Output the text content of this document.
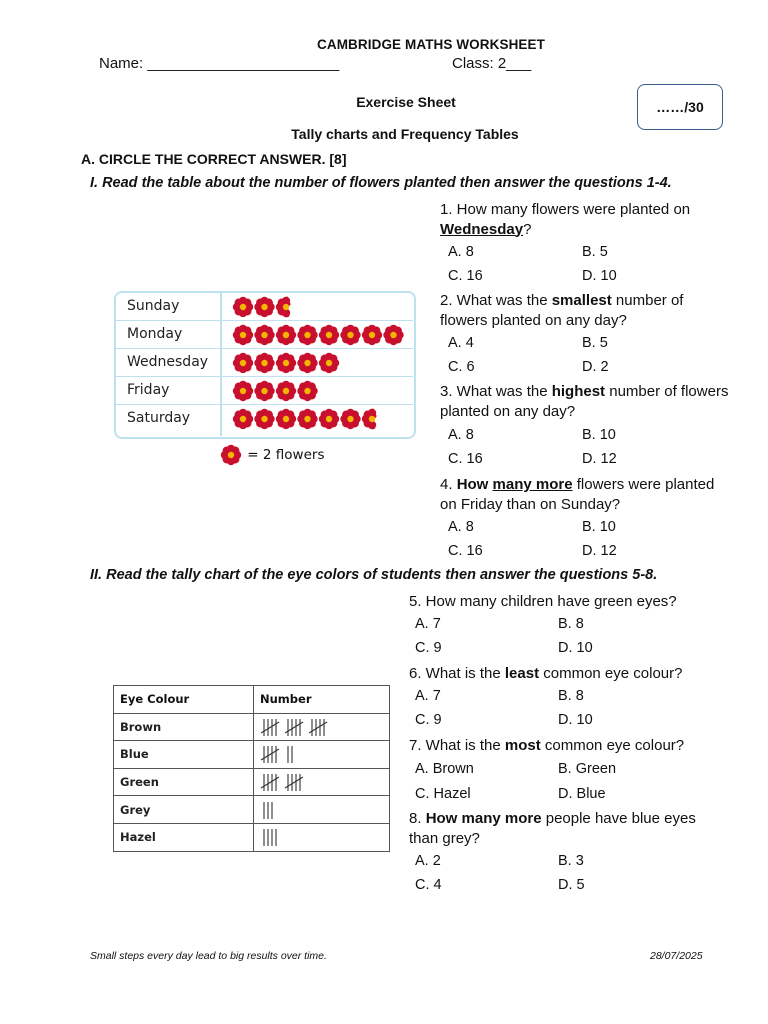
CAMBRIDGE MATHS WORKSHEET
Name: _______________________	Class: 2___
……/30
Exercise Sheet
Tally charts and Frequency Tables
A. CIRCLE THE CORRECT ANSWER. [8]
I. Read the table about the number of flowers planted then answer the questions 1-4.
Sunday
Monday
Wednesday
Friday
Saturday
= 2 flowers
1. How many flowers were planted on Wednesday?
A. 8	B. 5
C. 16	D. 10
2. What was the smallest number of flowers planted on any day?
A. 4	B. 5
C. 6	D. 2
3. What was the highest number of flowers planted on any day?
A. 8	B. 10
C. 16	D. 12
4. How many more flowers were planted on Friday than on Sunday?
A. 8	B. 10
C. 16	D. 12
II. Read the tally chart of the eye colors of students then answer the questions 5-8.
Eye Colour	Number
Brown	

Blue	

Green	

Grey	

Hazel	
5. How many children have green eyes?
A. 7	B. 8
C. 9	D. 10
6. What is the least common eye colour?
A. 7	B. 8
C. 9	D. 10
7. What is the most common eye colour?
A. Brown	B. Green
C. Hazel	D. Blue
8. How many more people have blue eyes than grey?
A. 2	B. 3
C. 4	D. 5
Small steps every day lead to big results over time.	28/07/2025
